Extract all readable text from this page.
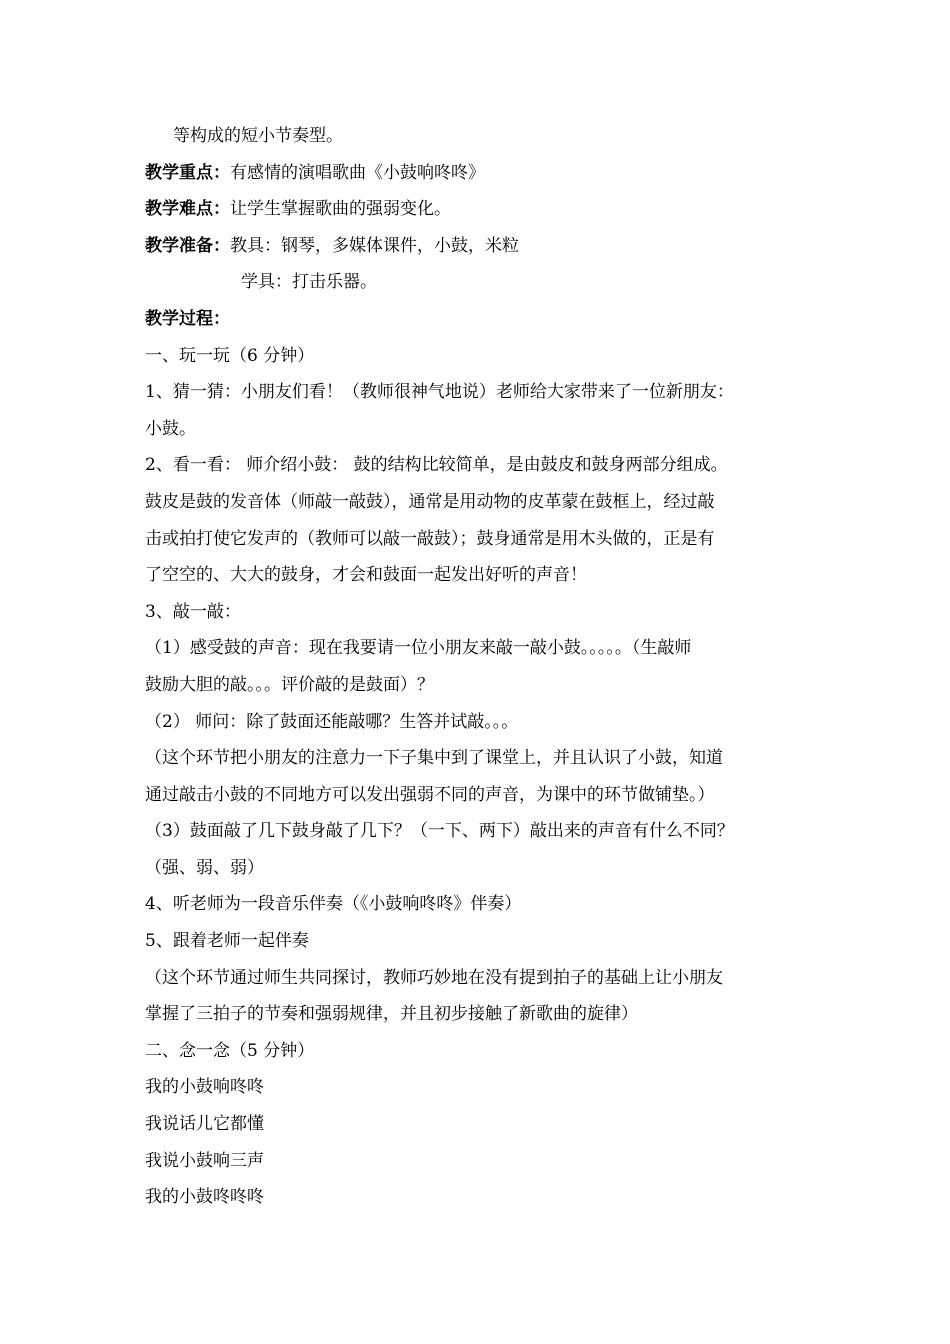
等构成的短小节奏型。
教学重点：有感情的演唱歌曲《小鼓响咚咚》
教学难点：让学生掌握歌曲的强弱变化。
教学准备：教具：钢琴，多媒体课件，小鼓，米粒
学具：打击乐器。
教学过程：
一、玩一玩（6 分钟）
1、猜一猜：小朋友们看！（教师很神气地说）老师给大家带来了一位新朋友：
小鼓。
2、看一看： 师介绍小鼓： 鼓的结构比较简单，是由鼓皮和鼓身两部分组成。
鼓皮是鼓的发音体（师敲一敲鼓），通常是用动物的皮革蒙在鼓框上，经过敲
击或拍打使它发声的（教师可以敲一敲鼓）；鼓身通常是用木头做的，正是有
了空空的、大大的鼓身，才会和鼓面一起发出好听的声音！
3、敲一敲：
（1）感受鼓的声音：现在我要请一位小朋友来敲一敲小鼓。。。。。（生敲师
鼓励大胆的敲。。。评价敲的是鼓面）？
（2） 师问：除了鼓面还能敲哪？生答并试敲。。。
（这个环节把小朋友的注意力一下子集中到了课堂上，并且认识了小鼓，知道
通过敲击小鼓的不同地方可以发出强弱不同的声音，为课中的环节做铺垫。）
（3）鼓面敲了几下鼓身敲了几下？（一下、两下）敲出来的声音有什么不同？
（强、弱、弱）
4、听老师为一段音乐伴奏（《小鼓响咚咚》伴奏）
5、跟着老师一起伴奏
（这个环节通过师生共同探讨，教师巧妙地在没有提到拍子的基础上让小朋友
掌握了三拍子的节奏和强弱规律，并且初步接触了新歌曲的旋律）
二、念一念（5 分钟）
我的小鼓响咚咚
我说话儿它都懂
我说小鼓响三声
我的小鼓咚咚咚
